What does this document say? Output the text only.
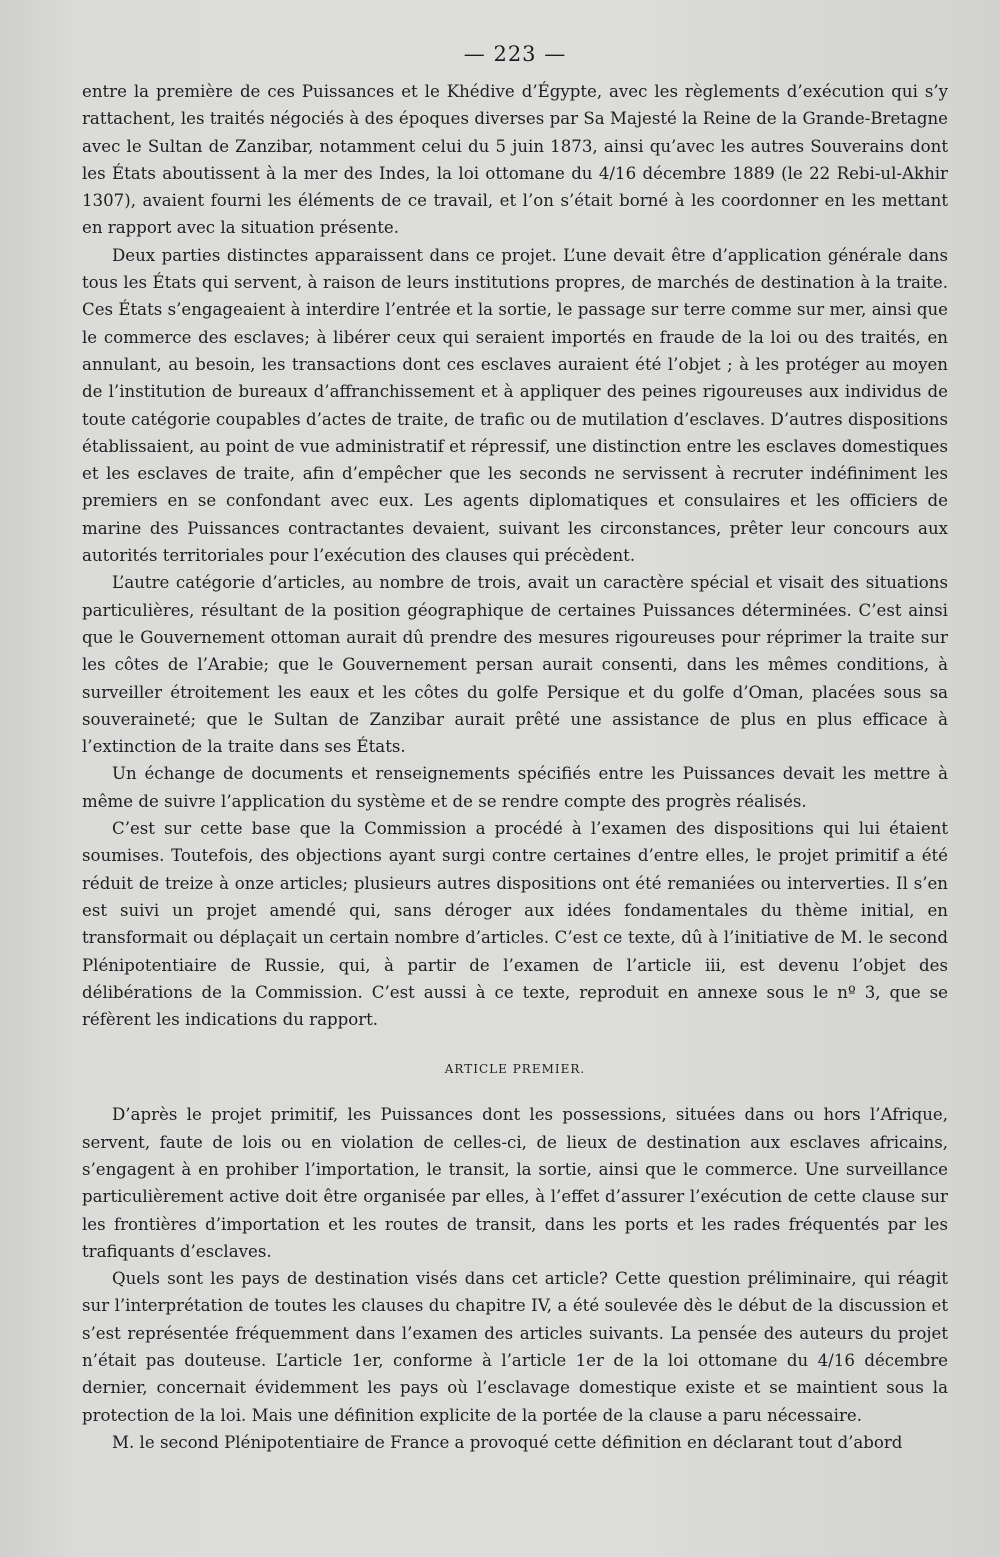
— 223 —

entre la première de ces Puissances et le Khédive d’Égypte, avec les règlements d’exécution qui s’y rattachent, les traités négociés à des époques diverses par Sa Majesté la Reine de la Grande-Bretagne avec le Sultan de Zanzibar, notamment celui du 5 juin 1873, ainsi qu’avec les autres Souverains dont les États aboutissent à la mer des Indes, la loi ottomane du 4/16 décembre 1889 (le 22 Rebi-ul-Akhir 1307), avaient fourni les éléments de ce travail, et l’on s’était borné à les coordonner en les mettant en rapport avec la situation présente.

Deux parties distinctes apparaissent dans ce projet. L’une devait être d’application générale dans tous les États qui servent, à raison de leurs institutions propres, de marchés de destination à la traite. Ces États s’engageaient à interdire l’entrée et la sortie, le passage sur terre comme sur mer, ainsi que le commerce des esclaves; à libérer ceux qui seraient importés en fraude de la loi ou des traités, en annulant, au besoin, les transactions dont ces esclaves auraient été l’objet ; à les protéger au moyen de l’institution de bureaux d’affranchissement et à appliquer des peines rigoureuses aux individus de toute catégorie coupables d’actes de traite, de trafic ou de mutilation d’esclaves. D’autres dispositions établissaient, au point de vue administratif et répressif, une distinction entre les esclaves domestiques et les esclaves de traite, afin d’empêcher que les seconds ne servissent à recruter indéfiniment les premiers en se confondant avec eux. Les agents diplomatiques et consulaires et les officiers de marine des Puissances contractantes devaient, suivant les circonstances, prêter leur concours aux autorités territoriales pour l’exécution des clauses qui précèdent.

L’autre catégorie d’articles, au nombre de trois, avait un caractère spécial et visait des situations particulières, résultant de la position géographique de certaines Puissances déterminées. C’est ainsi que le Gouvernement ottoman aurait dû prendre des mesures rigoureuses pour réprimer la traite sur les côtes de l’Arabie; que le Gouvernement persan aurait consenti, dans les mêmes conditions, à surveiller étroitement les eaux et les côtes du golfe Persique et du golfe d’Oman, placées sous sa souveraineté; que le Sultan de Zanzibar aurait prêté une assistance de plus en plus efficace à l’extinction de la traite dans ses États.

Un échange de documents et renseignements spécifiés entre les Puissances devait les mettre à même de suivre l’application du système et de se rendre compte des progrès réalisés.

C’est sur cette base que la Commission a procédé à l’examen des dispositions qui lui étaient soumises. Toutefois, des objections ayant surgi contre certaines d’entre elles, le projet primitif a été réduit de treize à onze articles; plusieurs autres dispositions ont été remaniées ou interverties. Il s’en est suivi un projet amendé qui, sans déroger aux idées fondamentales du thème initial, en transformait ou déplaçait un certain nombre d’articles. C’est ce texte, dû à l’initiative de M. le second Plénipotentiaire de Russie, qui, à partir de l’examen de l’article iii, est devenu l’objet des délibérations de la Commission. C’est aussi à ce texte, reproduit en annexe sous le nº 3, que se réfèrent les indications du rapport.

ARTICLE PREMIER.

D’après le projet primitif, les Puissances dont les possessions, situées dans ou hors l’Afrique, servent, faute de lois ou en violation de celles-ci, de lieux de destination aux esclaves africains, s’engagent à en prohiber l’importation, le transit, la sortie, ainsi que le commerce. Une surveillance particulièrement active doit être organisée par elles, à l’effet d’assurer l’exécution de cette clause sur les frontières d’importation et les routes de transit, dans les ports et les rades fréquentés par les trafiquants d’esclaves.

Quels sont les pays de destination visés dans cet article? Cette question préliminaire, qui réagit sur l’interprétation de toutes les clauses du chapitre IV, a été soulevée dès le début de la discussion et s’est représentée fréquemment dans l’examen des articles suivants. La pensée des auteurs du projet n’était pas douteuse. L’article 1er, conforme à l’article 1er de la loi ottomane du 4/16 décembre dernier, concernait évidemment les pays où l’esclavage domestique existe et se maintient sous la protection de la loi. Mais une définition explicite de la portée de la clause a paru nécessaire.

M. le second Plénipotentiaire de France a provoqué cette définition en déclarant tout d’abord
